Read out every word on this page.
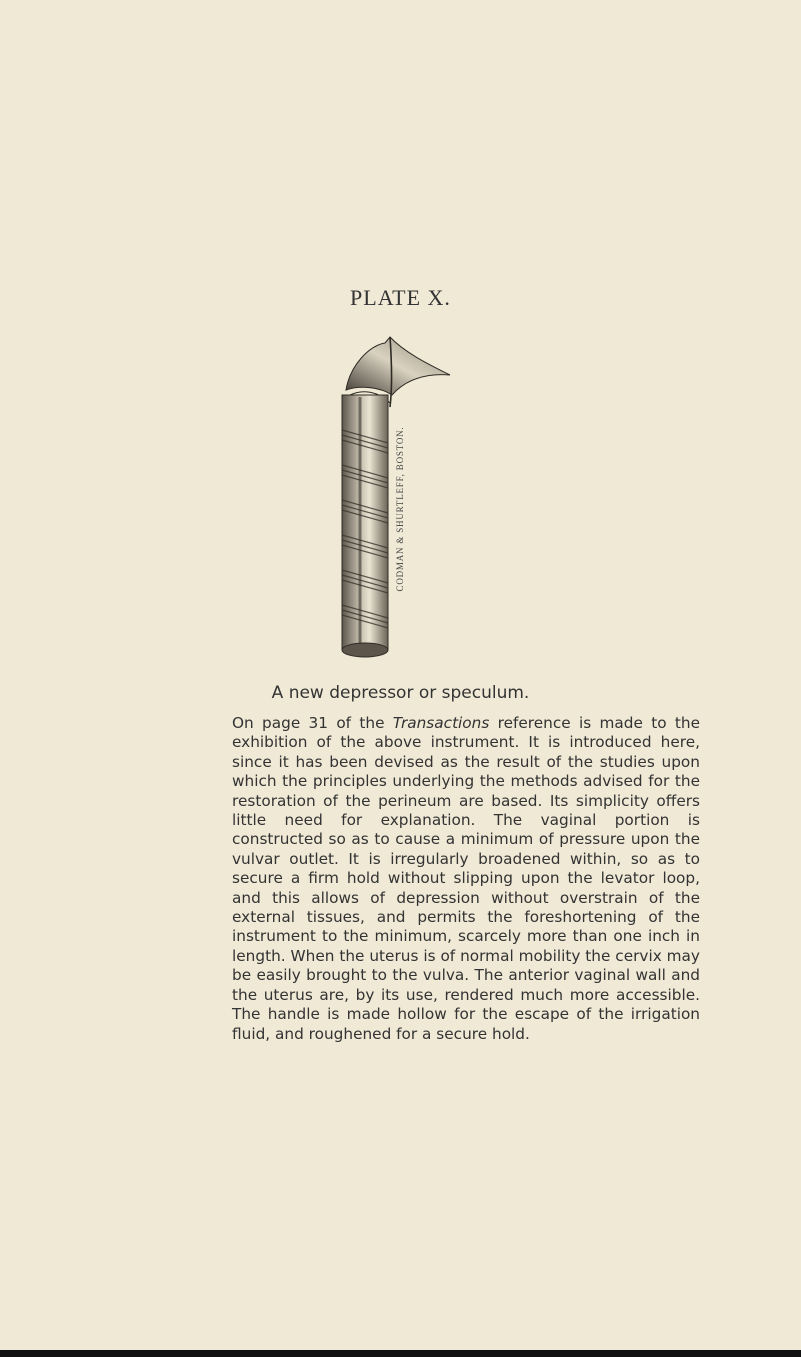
PLATE X.
CODMAN & SHURTLEFF, BOSTON.
A new depressor or speculum.

On page 31 of the Transactions reference is made to the exhibition of the above instrument. It is introduced here, since it has been devised as the result of the studies upon which the principles underlying the methods advised for the restoration of the perineum are based. Its simplicity offers little need for explanation. The vaginal portion is constructed so as to cause a minimum of pressure upon the vulvar outlet. It is irregularly broadened within, so as to secure a firm hold without slipping upon the levator loop, and this allows of depression without overstrain of the external tissues, and permits the foreshortening of the instrument to the minimum, scarcely more than one inch in length. When the uterus is of normal mobility the cervix may be easily brought to the vulva. The anterior vaginal wall and the uterus are, by its use, rendered much more accessible. The handle is made hollow for the escape of the irrigation fluid, and roughened for a secure hold.
